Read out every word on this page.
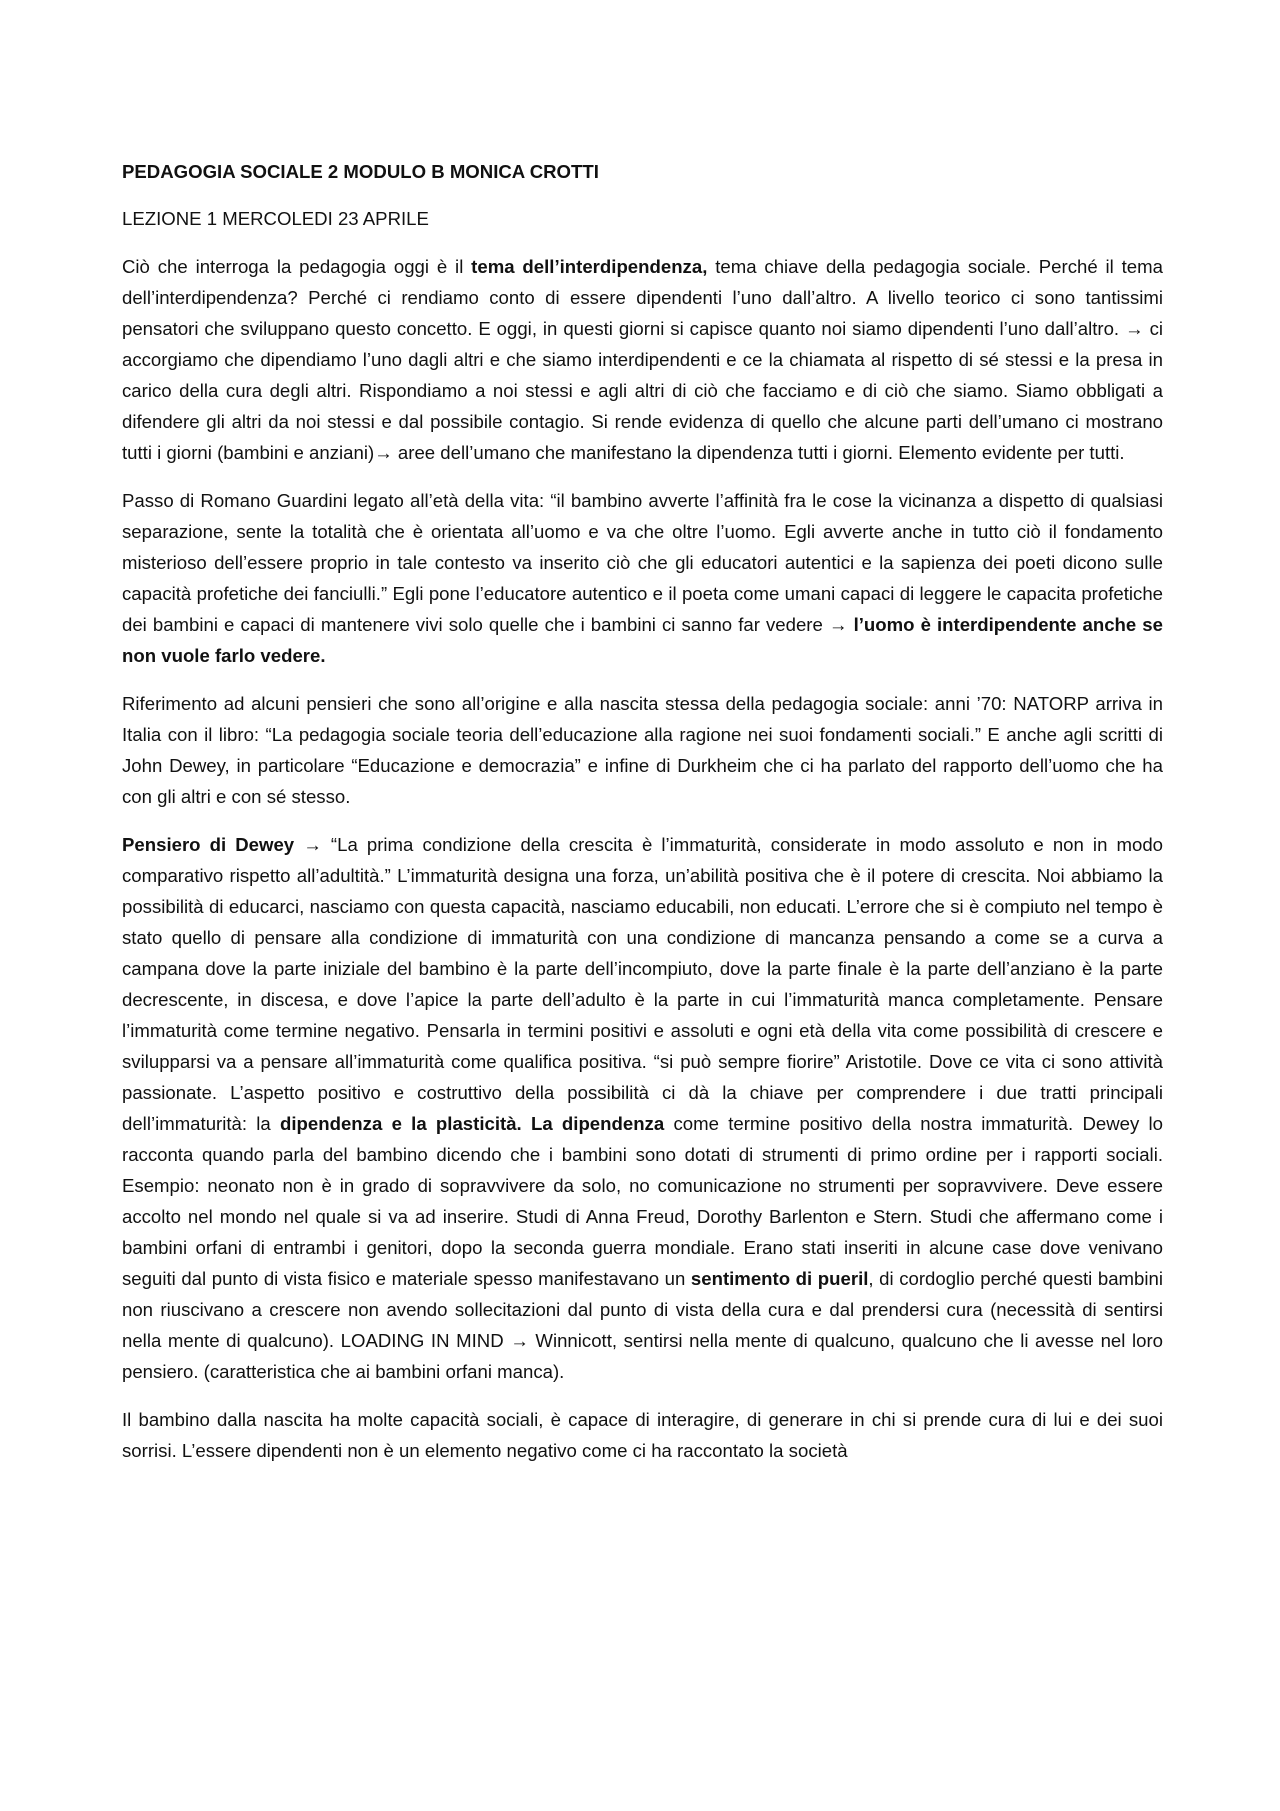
PEDAGOGIA SOCIALE 2 MODULO B MONICA CROTTI
LEZIONE 1 MERCOLEDI 23 APRILE

Ciò che interroga la pedagogia oggi è il tema dell’interdipendenza, tema chiave della pedagogia sociale. Perché il tema dell’interdipendenza? Perché ci rendiamo conto di essere dipendenti l’uno dall’altro. A livello teorico ci sono tantissimi pensatori che sviluppano questo concetto. E oggi, in questi giorni si capisce quanto noi siamo dipendenti l’uno dall’altro. → ci accorgiamo che dipendiamo l’uno dagli altri e che siamo interdipendenti e ce la chiamata al rispetto di sé stessi e la presa in carico della cura degli altri. Rispondiamo a noi stessi e agli altri di ciò che facciamo e di ciò che siamo. Siamo obbligati a difendere gli altri da noi stessi e dal possibile contagio. Si rende evidenza di quello che alcune parti dell’umano ci mostrano tutti i giorni (bambini e anziani)→ aree dell’umano che manifestano la dipendenza tutti i giorni. Elemento evidente per tutti.

Passo di Romano Guardini legato all’età della vita: “il bambino avverte l’affinità fra le cose la vicinanza a dispetto di qualsiasi separazione, sente la totalità che è orientata all’uomo e va che oltre l’uomo. Egli avverte anche in tutto ciò il fondamento misterioso dell’essere proprio in tale contesto va inserito ciò che gli educatori autentici e la sapienza dei poeti dicono sulle capacità profetiche dei fanciulli.” Egli pone l’educatore autentico e il poeta come umani capaci di leggere le capacita profetiche dei bambini e capaci di mantenere vivi solo quelle che i bambini ci sanno far vedere → l’uomo è interdipendente anche se non vuole farlo vedere.

Riferimento ad alcuni pensieri che sono all’origine e alla nascita stessa della pedagogia sociale: anni ’70: NATORP arriva in Italia con il libro: “La pedagogia sociale teoria dell’educazione alla ragione nei suoi fondamenti sociali.” E anche agli scritti di John Dewey, in particolare “Educazione e democrazia” e infine di Durkheim che ci ha parlato del rapporto dell’uomo che ha con gli altri e con sé stesso.

Pensiero di Dewey → “La prima condizione della crescita è l’immaturità, considerate in modo assoluto e non in modo comparativo rispetto all’adultità.” L’immaturità designa una forza, un’abilità positiva che è il potere di crescita. Noi abbiamo la possibilità di educarci, nasciamo con questa capacità, nasciamo educabili, non educati. L’errore che si è compiuto nel tempo è stato quello di pensare alla condizione di immaturità con una condizione di mancanza pensando a come se a curva a campana dove la parte iniziale del bambino è la parte dell’incompiuto, dove la parte finale è la parte dell’anziano è la parte decrescente, in discesa, e dove l’apice la parte dell’adulto è la parte in cui l’immaturità manca completamente. Pensare l’immaturità come termine negativo. Pensarla in termini positivi e assoluti e ogni età della vita come possibilità di crescere e svilupparsi va a pensare all’immaturità come qualifica positiva. “si può sempre fiorire” Aristotile. Dove ce vita ci sono attività passionate. L’aspetto positivo e costruttivo della possibilità ci dà la chiave per comprendere i due tratti principali dell’immaturità: la dipendenza e la plasticità. La dipendenza come termine positivo della nostra immaturità. Dewey lo racconta quando parla del bambino dicendo che i bambini sono dotati di strumenti di primo ordine per i rapporti sociali. Esempio: neonato non è in grado di sopravvivere da solo, no comunicazione no strumenti per sopravvivere. Deve essere accolto nel mondo nel quale si va ad inserire. Studi di Anna Freud, Dorothy Barlenton e Stern. Studi che affermano come i bambini orfani di entrambi i genitori, dopo la seconda guerra mondiale. Erano stati inseriti in alcune case dove venivano seguiti dal punto di vista fisico e materiale spesso manifestavano un sentimento di pueril, di cordoglio perché questi bambini non riuscivano a crescere non avendo sollecitazioni dal punto di vista della cura e dal prendersi cura (necessità di sentirsi nella mente di qualcuno). LOADING IN MIND → Winnicott, sentirsi nella mente di qualcuno, qualcuno che li avesse nel loro pensiero. (caratteristica che ai bambini orfani manca).

Il bambino dalla nascita ha molte capacità sociali, è capace di interagire, di generare in chi si prende cura di lui e dei suoi sorrisi. L’essere dipendenti non è un elemento negativo come ci ha raccontato la società
